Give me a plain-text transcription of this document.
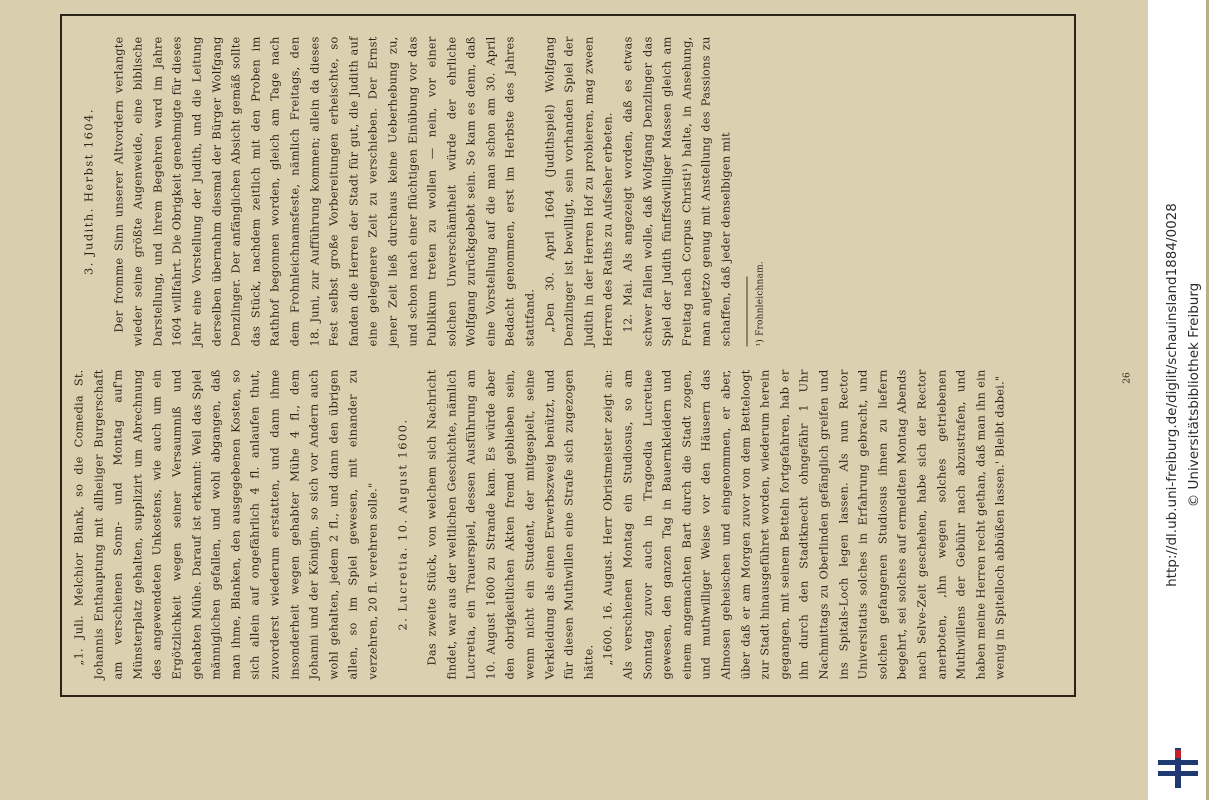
„1. Juli. Melchior Blank, so die Comedia St. Johannis Enthauptung mit allheiiger Burgerschaft am verschienen Sonn- und Montag auf'm Münsterplatz gehalten, supplizirt um Abrechnung des angewendeten Unkostens, wie auch um ein Ergötzlichkeit wegen seiner Versaumniß und gehabten Mühe. Darauf ist erkannt: Weil das Spiel männiglichen gefallen, und wohl abgangen, daß man ihme, Blanken, den ausgegebenen Kosten, so sich allein auf ongefährlich 4 fl. anlaufen thut, zuvorderst wiederum erstatten, und dann ihme insonderheit wegen gehabter Mühe 4 fl., dem Johanni und der Königin, so sich vor Andern auch wohl gehalten, jedem 2 fl., und dann den übrigen allen, so im Spiel gewesen, mit einander zu verzehren, 20 fl. verehren solle."	2. Lucretia. 10. August 1600.	Das zweite Stück, von welchem sich Nachricht findet, war aus der weltlichen Geschichte, nämlich Lucretia, ein Trauerspiel, dessen Ausführung am 10. August 1600 zu Strande kam. Es würde aber den obrigkeitlichen Akten fremd geblieben sein, wenn nicht ein Student, der mitgespielt, seine Verkleidung als einen Erwerbszweig benützt, und für diesen Muthwillen eine Strafe sich zugezogen hätte. „1600. 16. August. Herr Obristmeister zeigt an: Als verschienen Montag ein Studiosus, so am Sonntag zuvor auch in Tragoedia Lucretiae gewesen, den ganzen Tag in Bauernkleidern und einem angemachten Bart durch die Stadt zogen, und muthwilliger Weise vor den Häusern das Almosen geheischen und eingenommen, er aber, über daß er am Morgen zuvor von dem Betteloogt zur Stadt hinausgeführet worden, wiederum herein gegangen, mit seinem Betteln fortgefahren, hab er ihn durch den Stadtknecht ohngefähr 1 Uhr Nachmittags zu Oberlinden gefänglich greifen und ins Spitals-Loch legen lassen. Als nun Rector Universitatis solches in Erfahrung gebracht, und solchen gefangenen Studiosus ihnen zu liefern begehrt, sei solches auf ermeldten Montag Abends nach Selve-Zeit geschehen, habe sich der Rector anerboten, ‚ihn wegen solches getriebenen Muthwillens der Gebühr nach abzustrafen, und haben meine Herren recht gethan, daß man ihn ein wenig in Spitelloch abbüßen lassen.' Bleibt dabei."

3. Judith. Herbst 1604.	Der fromme Sinn unserer Altvordern verlangte wieder seine größte Augenweide, eine biblische Darstellung, und ihrem Begehren ward im Jahre 1604 willfahrt. Die Obrigkeit genehmigte für dieses Jahr eine Vorstellung der Judith, und die Leitung derselben übernahm diesmal der Bürger Wolfgang Denzlinger. Der anfänglichen Absicht gemäß sollte das Stück, nachdem zeitlich mit den Proben im Rathhof begonnen worden, gleich am Tage nach dem Frohnleichnamsfeste, nämlich Freitags, den 18. Juni, zur Aufführung kommen; allein da dieses Fest selbst große Vorbereitungen erheischte, so fanden die Herren der Stadt für gut, die Judith auf eine gelegenere Zeit zu verschieben. Der Ernst jener Zeit ließ durchaus keine Ueberhebung zu, und schon nach einer flüchtigen Einübung vor das Publikum treten zu wollen — nein, vor einer solchen Unverschämtheit würde der ehrliche Wolfgang zurückgebebt sein. So kam es denn, daß eine Vorstellung auf die man schon am 30. April Bedacht genommen, erst im Herbste des Jahres stattfand. „Den 30. April 1604 (Judithspiel) Wolfgang Denzlinger ist bewilligt, sein vorhanden Spiel der Judith in der Herren Hof zu probieren, mag zween Herren des Raths zu Aufseher erbeten. 12. Mai. Als angezeigt worden, daß es etwas schwer fallen wolle, daß Wolfgang Denzlinger das Spiel der Judith fünffsdwilliger Massen gleich am Freitag nach Corpus Christi¹) halte, in Ansehung, man anjetzo genug mit Anstellung des Passions zu schaffen, daß jeder denselbigen mit	¹) Frohnleichnam.

26 http://dl.ub.uni-freiburg.de/diglit/schauinsland1884/0028 © Universitätsbibliothek Freiburg
